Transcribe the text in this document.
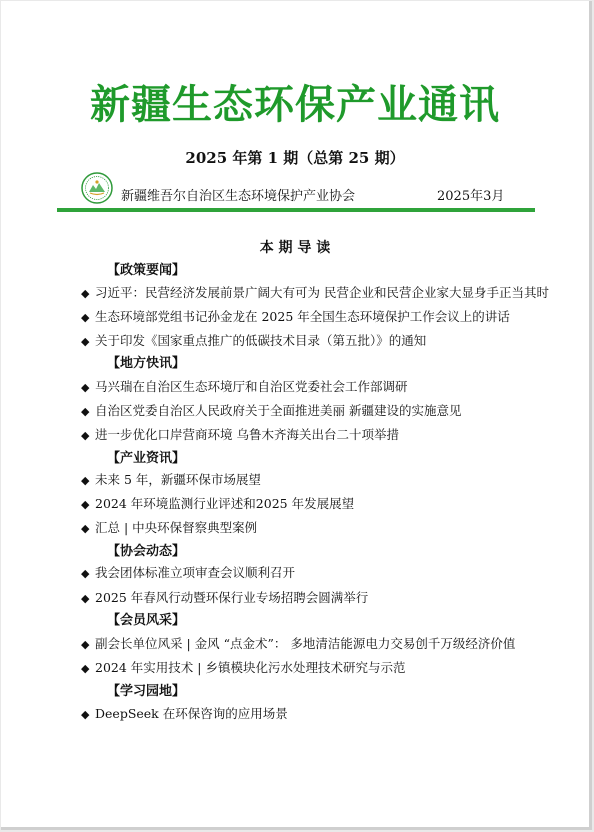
新疆生态环保产业通讯
2025 年第 1 期（总第 25 期）
新疆维吾尔自治区生态环境保护产业协会	2025年3月
本 期 导 读
【政策要闻】
◆ 习近平：民营经济发展前景广阔大有可为 民营企业和民营企业家大显身手正当其时
◆ 生态环境部党组书记孙金龙在 2025 年全国生态环境保护工作会议上的讲话
◆ 关于印发《国家重点推广的低碳技术目录（第五批）》的通知
【地方快讯】
◆ 马兴瑞在自治区生态环境厅和自治区党委社会工作部调研
◆ 自治区党委自治区人民政府关于全面推进美丽 新疆建设的实施意见
◆ 进一步优化口岸营商环境 乌鲁木齐海关出台二十项举措
【产业资讯】
◆ 未来 5 年，新疆环保市场展望
◆ 2024 年环境监测行业评述和2025 年发展展望
◆ 汇总 | 中央环保督察典型案例
【协会动态】
◆ 我会团体标准立项审查会议顺利召开
◆ 2025 年春风行动暨环保行业专场招聘会圆满举行
【会员风采】
◆ 副会长单位风采 | 金风 “点金术”： 多地清洁能源电力交易创千万级经济价值
◆ 2024 年实用技术 | 乡镇模块化污水处理技术研究与示范
【学习园地】
◆ DeepSeek 在环保咨询的应用场景
